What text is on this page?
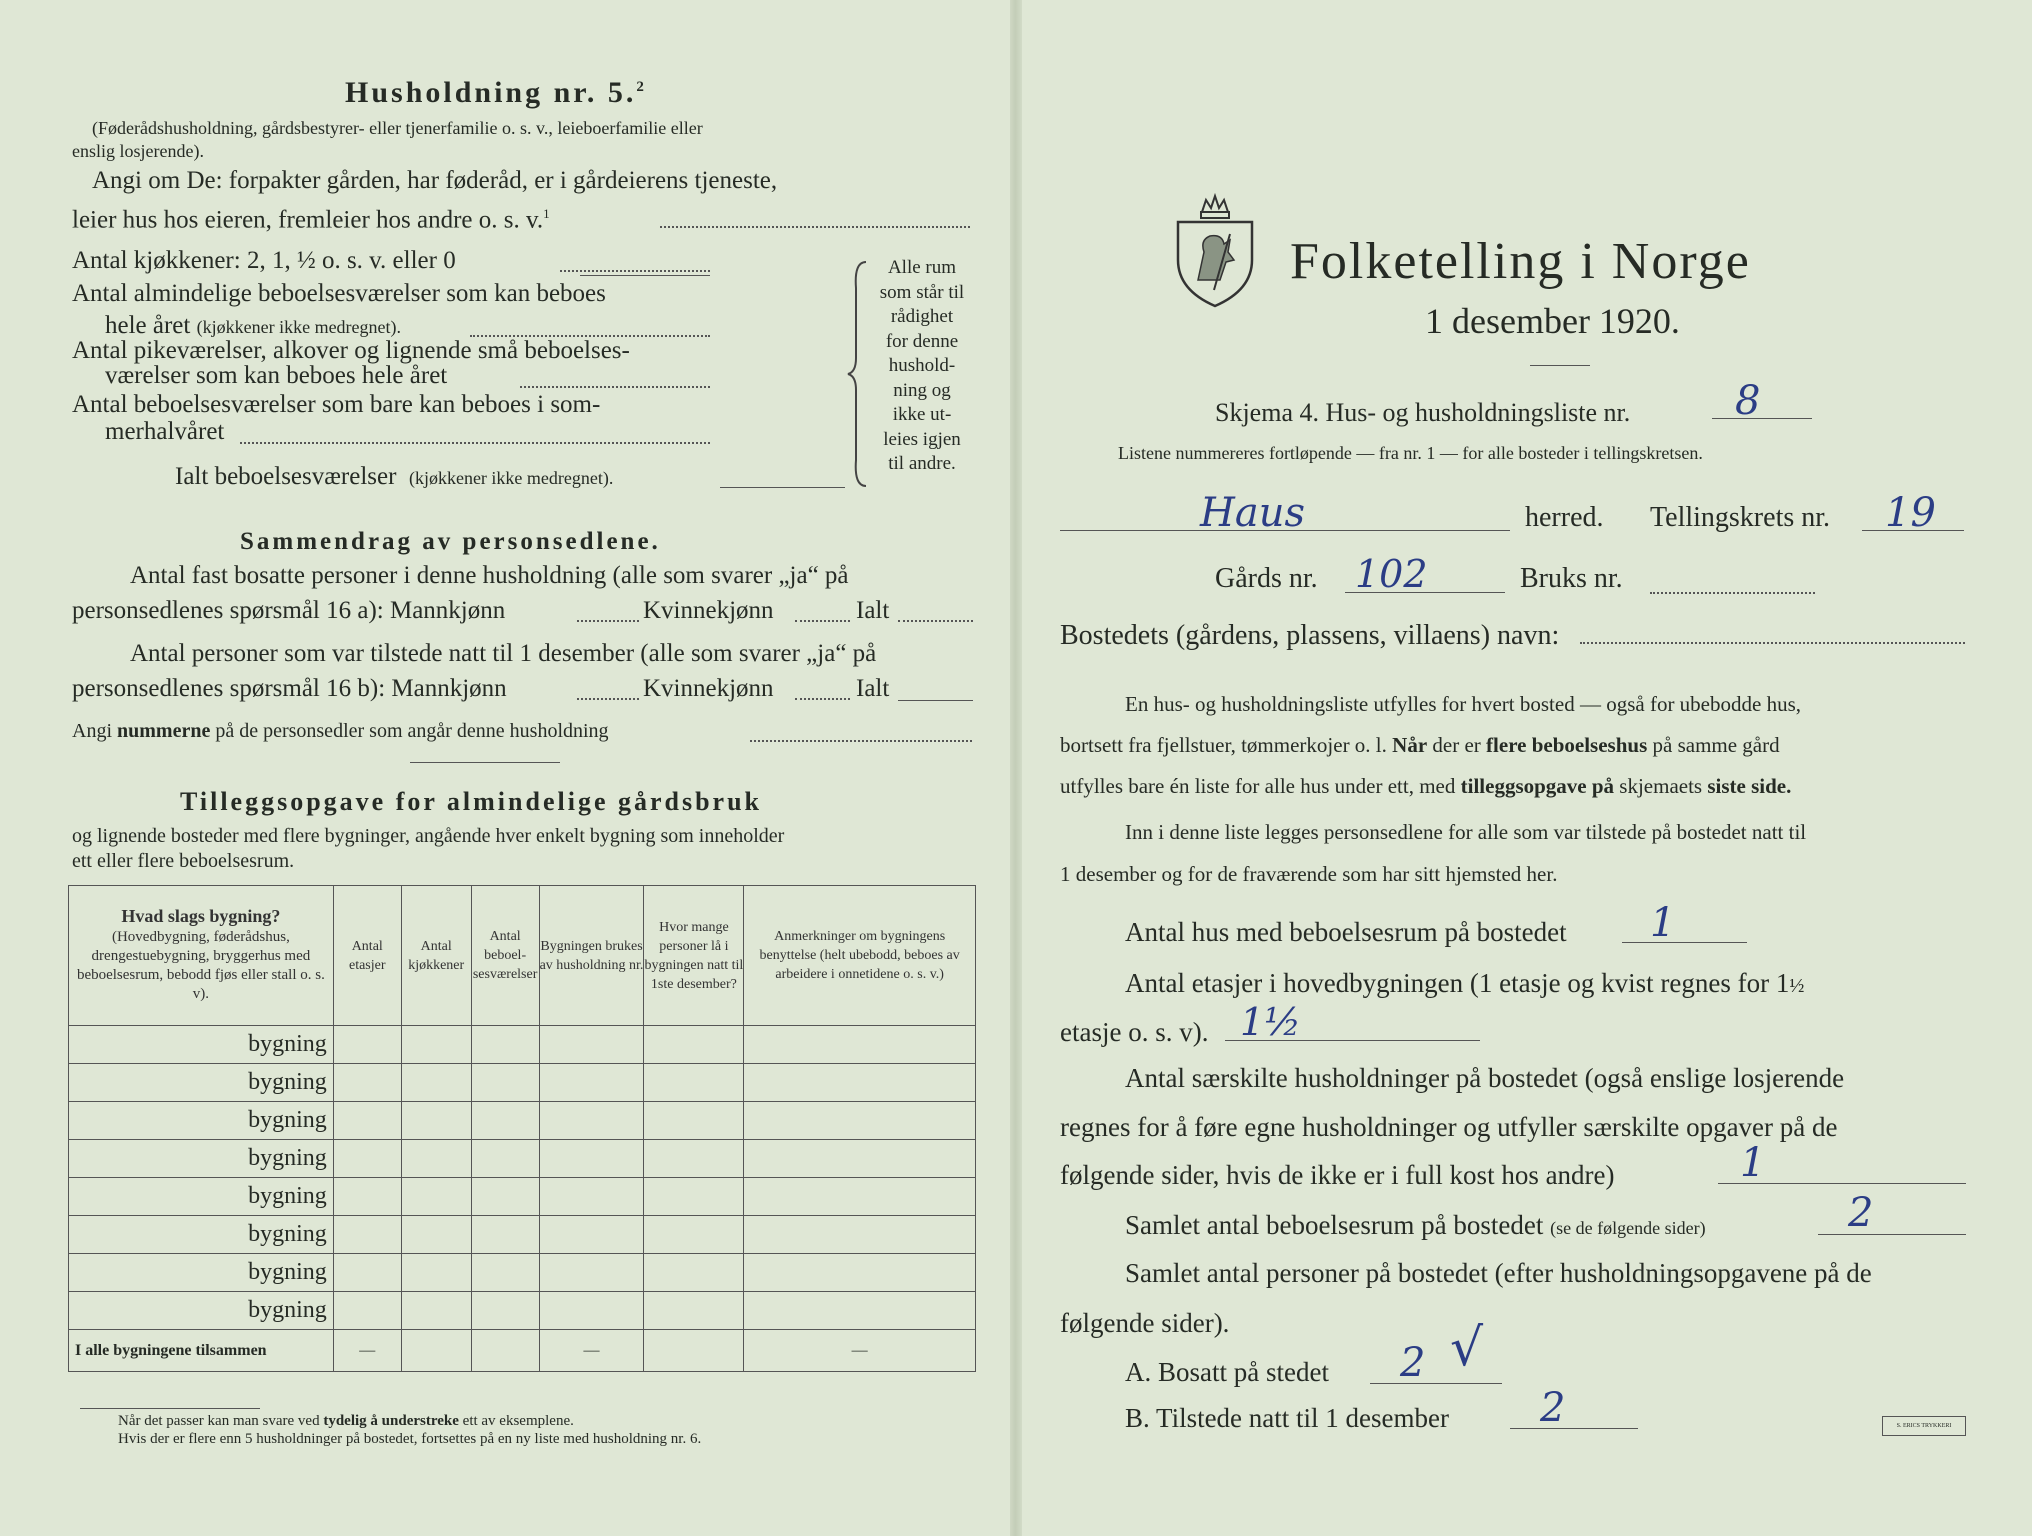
Husholdning nr. 5.$^2$
(Føderådshusholdning, gårdsbestyrer- eller tjenerfamilie o. s. v., leieboerfamilie eller
enslig losjerende).
Angi om De: forpakter gården, har føderåd, er i gårdeierens tjeneste,
leier hus hos eieren, fremleier hos andre o. s. v.$^1$
Antal kjøkkener: 2, 1, ½ o. s. v. eller 0
Antal almindelige beboelsesværelser som kan beboes
hele året (kjøkkener ikke medregnet).
Antal pikeværelser, alkover og lignende små beboelses-
værelser som kan beboes hele året
Antal beboelsesværelser som bare kan beboes i som-
merhalvåret
Ialt beboelsesværelser (kjøkkener ikke medregnet).
Alle rum
som står til
rådighet
for denne
hushold-
ning og
ikke ut-
leies igjen
til andre.
Sammendrag av personsedlene.
Antal fast bosatte personer i denne husholdning (alle som svarer „ja“ på
personsedlenes spørsmål 16 a): Mannkjønn	Kvinnekjønn	Ialt
Antal personer som var tilstede natt til 1 desember (alle som svarer „ja“ på
personsedlenes spørsmål 16 b): Mannkjønn	Kvinnekjønn	Ialt
Angi nummerne på de personsedler som angår denne husholdning
Tilleggsopgave for almindelige gårdsbruk
og lignende bosteder med flere bygninger, angående hver enkelt bygning som inneholder
ett eller flere beboelsesrum.
Hvad slags bygning?
(Hovedbygning, føderådshus, drengestuebygning, bryggerhus med beboelsesrum, bebodd fjøs eller stall o. s. v).	Antal etasjer	Antal kjøkkener	Antal beboelsesværelser	Bygningen brukes av husholdning nr.	Hvor mange personer lå i bygningen natt til 1ste desember?	Anmerkninger om bygningens benyttelse (helt ubebodd, beboes av arbeidere i onnetidene o. s. v.)
bygning						
bygning						
bygning						
bygning						
bygning						
bygning						
bygning						
bygning						
I alle bygningene tilsammen	—			—		—
Når det passer kan man svare ved tydelig å understreke ett av eksemplene.
Hvis der er flere enn 5 husholdninger på bostedet, fortsettes på en ny liste med husholdning nr. 6.
Folketelling i Norge
1 desember 1920.
Skjema 4. Hus- og husholdningsliste nr.	8
Listene nummereres fortløpende — fra nr. 1 — for alle bosteder i tellingskretsen.
Haus	herred. Tellingskrets nr. 19
Gårds nr. 102	Bruks nr.
Bostedets (gårdens, plassens, villaens) navn:
En hus- og husholdningsliste utfylles for hvert bosted — også for ubebodde hus,
bortsett fra fjellstuer, tømmerkojer o. l. Når der er flere beboelseshus på samme gård
utfylles bare én liste for alle hus under ett, med tilleggsopgave på skjemaets siste side.
Inn i denne liste legges personsedlene for alle som var tilstede på bostedet natt til
1 desember og for de fraværende som har sitt hjemsted her.
Antal hus med beboelsesrum på bostedet 1
Antal etasjer i hovedbygningen (1 etasje og kvist regnes for 1½
etasje o. s. v). 1½
Antal særskilte husholdninger på bostedet (også enslige losjerende
regnes for å føre egne husholdninger og utfyller særskilte opgaver på de
følgende sider, hvis de ikke er i full kost hos andre)	1
Samlet antal beboelsesrum på bostedet (se de følgende sider)	2
Samlet antal personer på bostedet (efter husholdningsopgavene på de
følgende sider).
A. Bosatt på stedet 2 √
B. Tilstede natt til 1 desember 2	S. ERICS TRYKKERI
